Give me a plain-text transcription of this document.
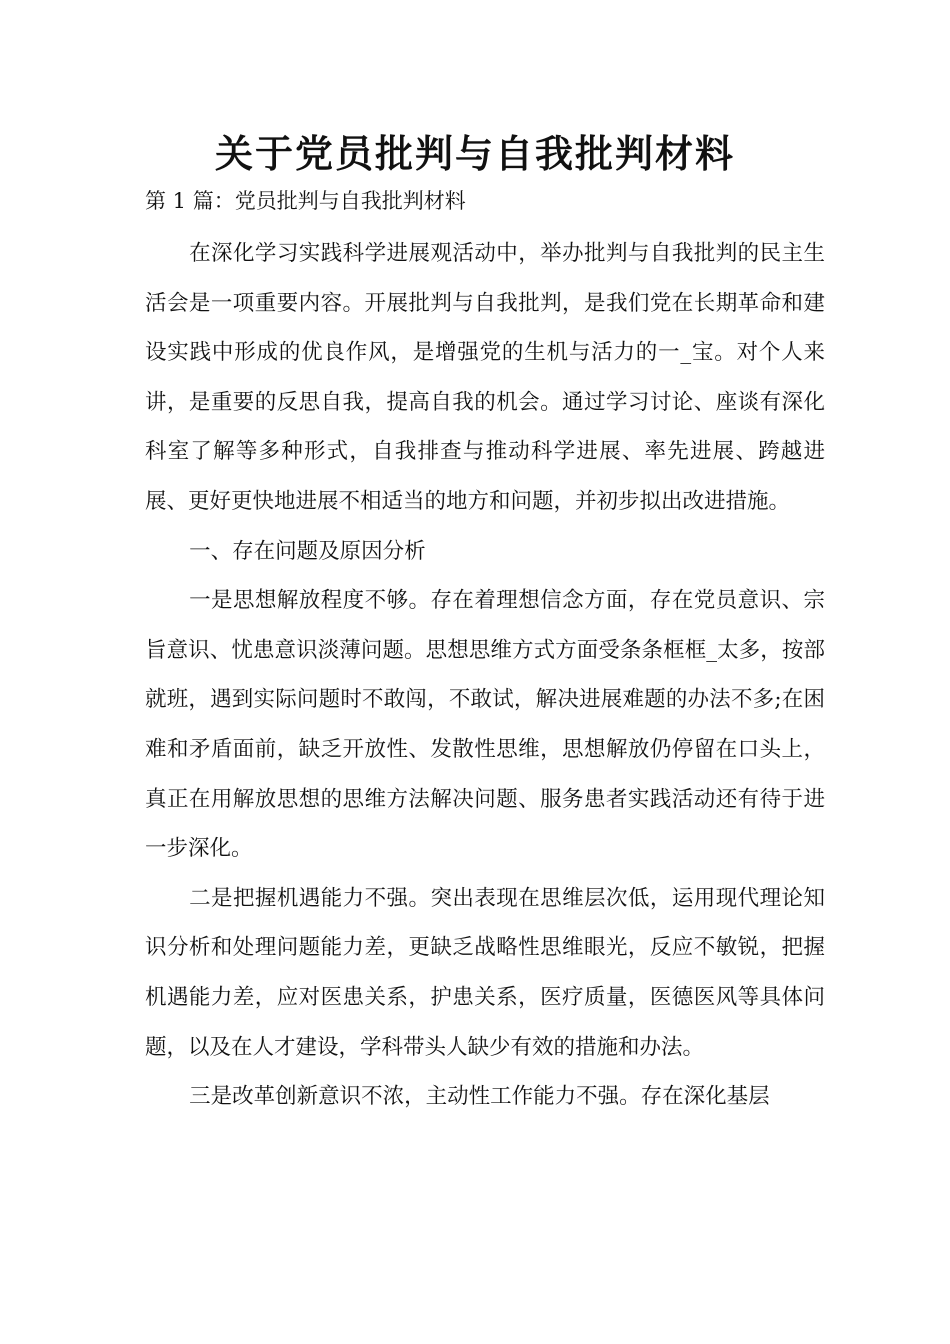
关于党员批判与自我批判材料
第 1 篇：党员批判与自我批判材料

在深化学习实践科学进展观活动中，举办批判与自我批判的民主生活会是一项重要内容。开展批判与自我批判，是我们党在长期革命和建设实践中形成的优良作风，是增强党的生机与活力的一_宝。对个人来讲，是重要的反思自我，提高自我的机会。通过学习讨论、座谈有深化科室了解等多种形式，自我排查与推动科学进展、率先进展、跨越进展、更好更快地进展不相适当的地方和问题，并初步拟出改进措施。

一、存在问题及原因分析

一是思想解放程度不够。存在着理想信念方面，存在党员意识、宗旨意识、忧患意识淡薄问题。思想思维方式方面受条条框框_太多，按部就班，遇到实际问题时不敢闯，不敢试，解决进展难题的办法不多;在困难和矛盾面前，缺乏开放性、发散性思维，思想解放仍停留在口头上，真正在用解放思想的思维方法解决问题、服务患者实践活动还有待于进一步深化。

二是把握机遇能力不强。突出表现在思维层次低，运用现代理论知识分析和处理问题能力差，更缺乏战略性思维眼光，反应不敏锐，把握机遇能力差，应对医患关系，护患关系，医疗质量，医德医风等具体问题，以及在人才建设，学科带头人缺少有效的措施和办法。

三是改革创新意识不浓，主动性工作能力不强。存在深化基层
